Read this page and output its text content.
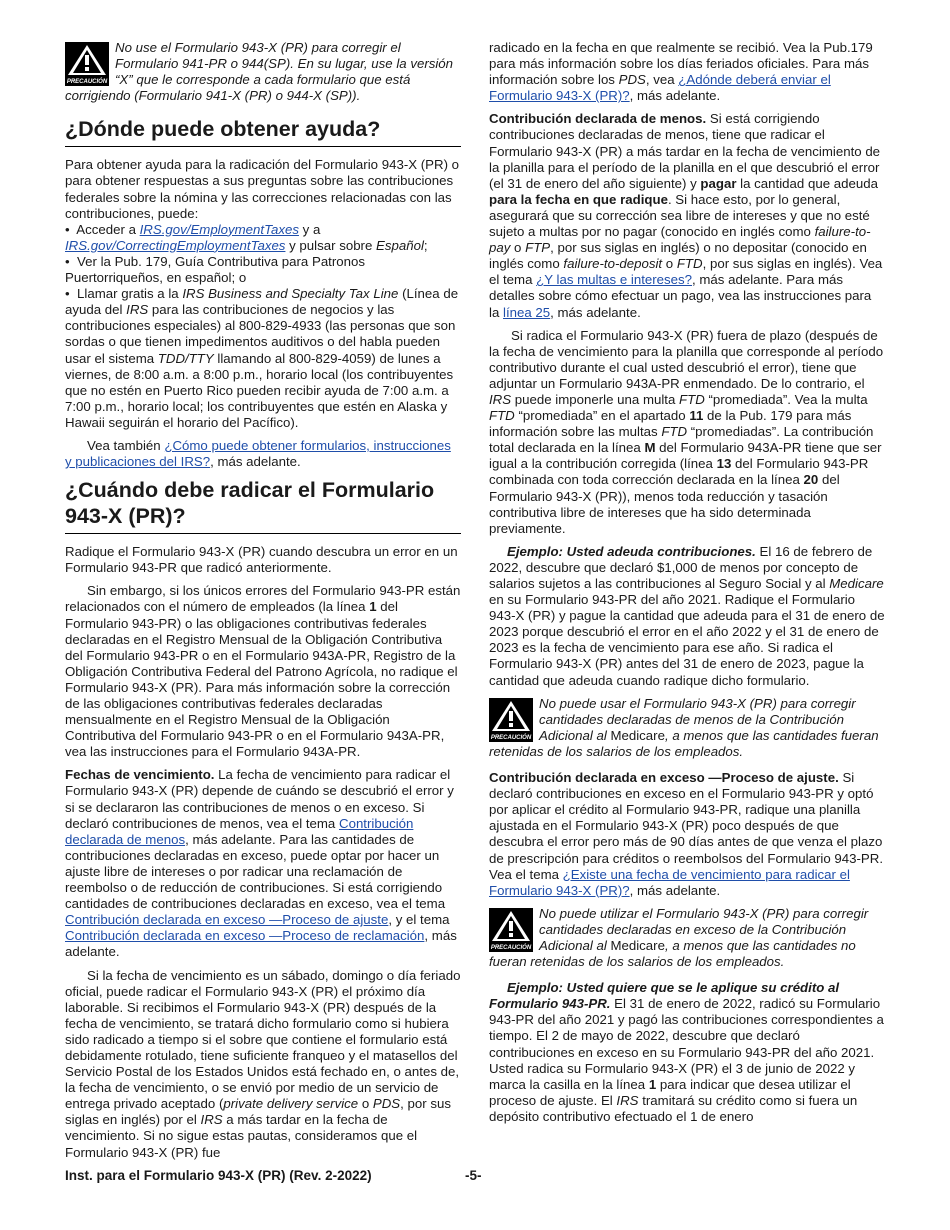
PRECAUCIÓN
No use el Formulario 943-X (PR) para corregir el Formulario 941-PR o 944(SP). En su lugar, use la versión “X” que le corresponde a cada formulario que está corrigiendo (Formulario 941-X (PR) o 944-X (SP)).
¿Dónde puede obtener ayuda?

Para obtener ayuda para la radicación del Formulario 943-X (PR) o para obtener respuestas a sus preguntas sobre las contribuciones federales sobre la nómina y las correcciones relacionadas con las contribuciones, puede:

•  Acceder a IRS.gov/EmploymentTaxes y a IRS.gov/CorrectingEmploymentTaxes y pulsar sobre Español;

•  Ver la Pub. 179, Guía Contributiva para Patronos Puertorriqueños, en español; o

•  Llamar gratis a la IRS Business and Specialty Tax Line (Línea de ayuda del IRS para las contribuciones de negocios y las contribuciones especiales) al 800-829-4933 (las personas que son sordas o que tienen impedimentos auditivos o del habla pueden usar el sistema TDD/TTY llamando al 800-829-4059) de lunes a viernes, de 8:00 a.m. a 8:00 p.m., horario local (los contribuyentes que no estén en Puerto Rico pueden recibir ayuda de 7:00 a.m. a 7:00 p.m., horario local; los contribuyentes que estén en Alaska y Hawaii seguirán el horario del Pacífico).

Vea también ¿Cómo puede obtener formularios, instrucciones y publicaciones del IRS?, más adelante.

¿Cuándo debe radicar el Formulario 943-X (PR)?

Radique el Formulario 943-X (PR) cuando descubra un error en un Formulario 943-PR que radicó anteriormente.

Sin embargo, si los únicos errores del Formulario 943-PR están relacionados con el número de empleados (la línea 1 del Formulario 943-PR) o las obligaciones contributivas federales declaradas en el Registro Mensual de la Obligación Contributiva del Formulario 943-PR o en el Formulario 943A-PR, Registro de la Obligación Contributiva Federal del Patrono Agrícola, no radique el Formulario 943-X (PR). Para más información sobre la corrección de las obligaciones contributivas federales declaradas mensualmente en el Registro Mensual de la Obligación Contributiva del Formulario 943-PR o en el Formulario 943A-PR, vea las instrucciones para el Formulario 943A-PR.

Fechas de vencimiento. La fecha de vencimiento para radicar el Formulario 943-X (PR) depende de cuándo se descubrió el error y si se declararon las contribuciones de menos o en exceso. Si declaró contribuciones de menos, vea el tema Contribución declarada de menos, más adelante. Para las cantidades de contribuciones declaradas en exceso, puede optar por hacer un ajuste libre de intereses o por radicar una reclamación de reembolso o de reducción de contribuciones. Si está corrigiendo cantidades de contribuciones declaradas en exceso, vea el tema Contribución declarada en exceso —Proceso de ajuste, y el tema Contribución declarada en exceso —Proceso de reclamación, más adelante.

Si la fecha de vencimiento es un sábado, domingo o día feriado oficial, puede radicar el Formulario 943-X (PR) el próximo día laborable. Si recibimos el Formulario 943-X (PR) después de la fecha de vencimiento, se tratará dicho formulario como si hubiera sido radicado a tiempo si el sobre que contiene el formulario está debidamente rotulado, tiene suficiente franqueo y el matasellos del Servicio Postal de los Estados Unidos está fechado en, o antes de, la fecha de vencimiento, o se envió por medio de un servicio de entrega privado aceptado (private delivery service o PDS, por sus siglas en inglés) por el IRS a más tardar en la fecha de vencimiento. Si no sigue estas pautas, consideramos que el Formulario 943-X (PR) fue

radicado en la fecha en que realmente se recibió. Vea la Pub.179 para más información sobre los días feriados oficiales. Para más información sobre los PDS, vea ¿Adónde deberá enviar el Formulario 943-X (PR)?, más adelante.

Contribución declarada de menos. Si está corrigiendo contribuciones declaradas de menos, tiene que radicar el Formulario 943-X (PR) a más tardar en la fecha de vencimiento de la planilla para el período de la planilla en el que descubrió el error (el 31 de enero del año siguiente) y pagar la cantidad que adeuda para la fecha en que radique. Si hace esto, por lo general, asegurará que su corrección sea libre de intereses y que no esté sujeto a multas por no pagar (conocido en inglés como failure-to-pay o FTP, por sus siglas en inglés) o no depositar (conocido en inglés como failure-to-deposit o FTD, por sus siglas en inglés). Vea el tema ¿Y las multas e intereses?, más adelante. Para más detalles sobre cómo efectuar un pago, vea las instrucciones para la línea 25, más adelante.

Si radica el Formulario 943-X (PR) fuera de plazo (después de la fecha de vencimiento para la planilla que corresponde al período contributivo durante el cual usted descubrió el error), tiene que adjuntar un Formulario 943A-PR enmendado. De lo contrario, el IRS puede imponerle una multa FTD “promediada”. Vea la multa FTD “promediada” en el apartado 11 de la Pub. 179 para más información sobre las multas FTD “promediadas”. La contribución total declarada en la línea M del Formulario 943A-PR tiene que ser igual a la contribución corregida (línea 13 del Formulario 943-PR combinada con toda corrección declarada en la línea 20 del Formulario 943-X (PR)), menos toda reducción y tasación contributiva libre de intereses que ha sido determinada previamente.

Ejemplo: Usted adeuda contribuciones. El 16 de febrero de 2022, descubre que declaró $1,000 de menos por concepto de salarios sujetos a las contribuciones al Seguro Social y al Medicare en su Formulario 943-PR del año 2021. Radique el Formulario 943-X (PR) y pague la cantidad que adeuda para el 31 de enero de 2023 porque descubrió el error en el año 2022 y el 31 de enero de 2023 es la fecha de vencimiento para ese año. Si radica el Formulario 943-X (PR) antes del 31 de enero de 2023, pague la cantidad que adeuda cuando radique dicho formulario.

PRECAUCIÓN
No puede usar el Formulario 943-X (PR) para corregir cantidades declaradas de menos de la Contribución Adicional al Medicare, a menos que las cantidades fueran retenidas de los salarios de los empleados.

Contribución declarada en exceso —Proceso de ajuste. Si declaró contribuciones en exceso en el Formulario 943-PR y optó por aplicar el crédito al Formulario 943-PR, radique una planilla ajustada en el Formulario 943-X (PR) poco después de que descubra el error pero más de 90 días antes de que venza el plazo de prescripción para créditos o reembolsos del Formulario 943-PR. Vea el tema ¿Existe una fecha de vencimiento para radicar el Formulario 943-X (PR)?, más adelante.

PRECAUCIÓN
No puede utilizar el Formulario 943-X (PR) para corregir cantidades declaradas en exceso de la Contribución Adicional al Medicare, a menos que las cantidades no fueran retenidas de los salarios de los empleados.

Ejemplo: Usted quiere que se le aplique su crédito al Formulario 943-PR. El 31 de enero de 2022, radicó su Formulario 943-PR del año 2021 y pagó las contribuciones correspondientes a tiempo. El 2 de mayo de 2022, descubre que declaró contribuciones en exceso en su Formulario 943-PR del año 2021. Usted radica su Formulario 943-X (PR) el 3 de junio de 2022 y marca la casilla en la línea 1 para indicar que desea utilizar el proceso de ajuste. El IRS tramitará su crédito como si fuera un depósito contributivo efectuado el 1 de enero

Inst. para el Formulario 943-X (PR) (Rev. 2-2022)	-5-
